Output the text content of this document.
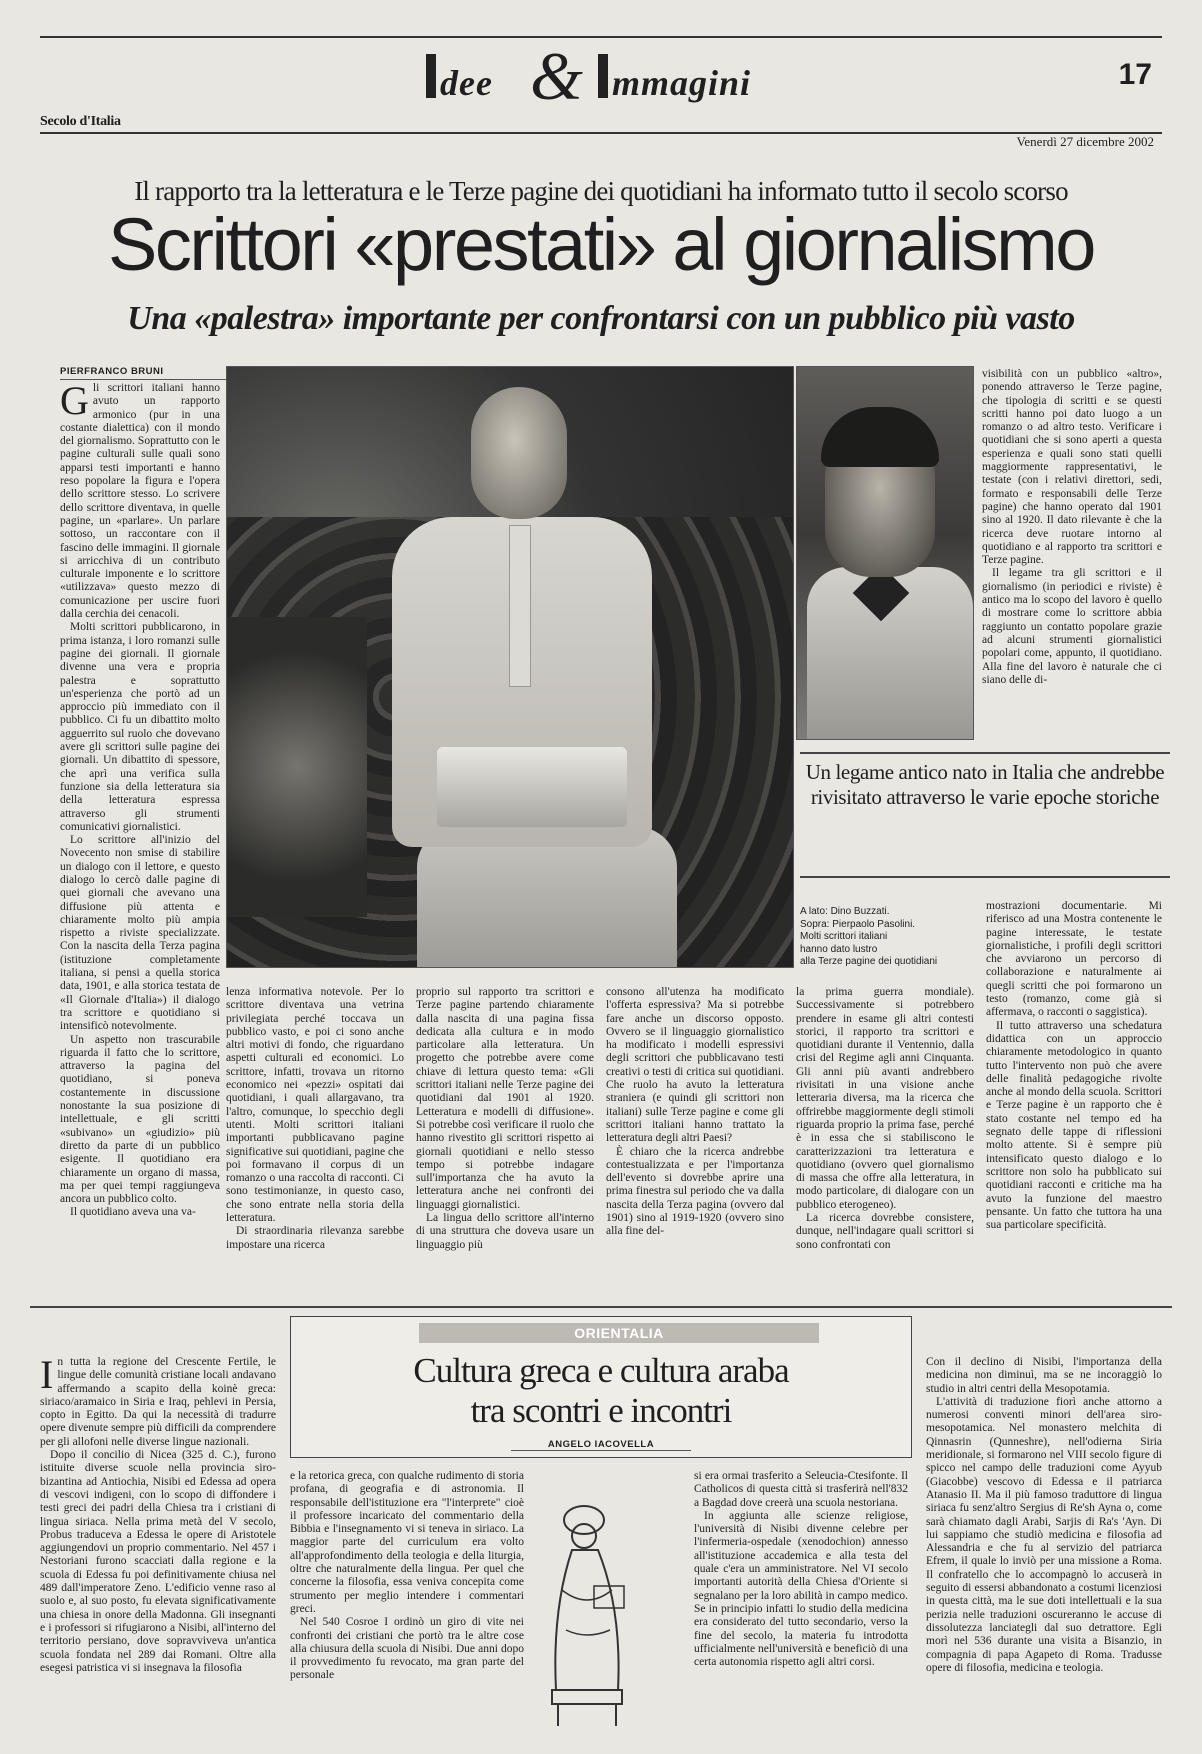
dee & mmagini	17
Secolo d'Italia
Venerdì 27 dicembre 2002
Il rapporto tra la letteratura e le Terze pagine dei quotidiani ha informato tutto il secolo scorso
Scrittori «prestati» al giornalismo
Una «palestra» importante per confrontarsi con un pubblico più vasto
PIERFRANCO BRUNI
G li scrittori italiani hanno avuto un rapporto armonico (pur in una costante dialettica) con il mondo del giornalismo. Soprattutto con le pagine culturali sulle quali sono apparsi testi importanti e hanno reso popolare la figura e l'opera dello scrittore stesso. Lo scrivere dello scrittore diventava, in quelle pagine, un «parlare». Un parlare sottoso, un raccontare con il fascino delle immagini. Il giornale si arricchiva di un contributo culturale imponente e lo scrittore «utilizzava» questo mezzo di comunicazione per uscire fuori dalla cerchia dei cenacoli.

Molti scrittori pubblicarono, in prima istanza, i loro romanzi sulle pagine dei giornali. Il giornale divenne una vera e propria palestra e soprattutto un'esperienza che portò ad un approccio più immediato con il pubblico. Ci fu un dibattito molto agguerrito sul ruolo che dovevano avere gli scrittori sulle pagine dei giornali. Un dibattito di spessore, che aprì una verifica sulla funzione sia della letteratura sia della letteratura espressa attraverso gli strumenti comunicativi giornalistici.

Lo scrittore all'inizio del Novecento non smise di stabilire un dialogo con il lettore, e questo dialogo lo cercò dalle pagine di quei giornali che avevano una diffusione più attenta e chiaramente molto più ampia rispetto a riviste specializzate. Con la nascita della Terza pagina (istituzione completamente italiana, si pensi a quella storica data, 1901, e alla storica testata de «Il Giornale d'Italia») il dialogo tra scrittore e quotidiano si intensificò notevolmente.

Un aspetto non trascurabile riguarda il fatto che lo scrittore, attraverso la pagina del quotidiano, si poneva costantemente in discussione nonostante la sua posizione di intellettuale, e gli scritti «subivano» un «giudizio» più diretto da parte di un pubblico esigente. Il quotidiano era chiaramente un organo di massa, ma per quei tempi raggiungeva ancora un pubblico colto.

Il quotidiano aveva una va-

visibilità con un pubblico «altro», ponendo attraverso le Terze pagine, che tipologia di scritti e se questi scritti hanno poi dato luogo a un romanzo o ad altro testo. Verificare i quotidiani che si sono aperti a questa esperienza e quali sono stati quelli maggiormente rappresentativi, le testate (con i relativi direttori, sedi, formato e responsabili delle Terze pagine) che hanno operato dal 1901 sino al 1920. Il dato rilevante è che la ricerca deve ruotare intorno al quotidiano e al rapporto tra scrittori e Terze pagine.

Il legame tra gli scrittori e il giornalismo (in periodici e riviste) è antico ma lo scopo del lavoro è quello di mostrare come lo scrittore abbia raggiunto un contatto popolare grazie ad alcuni strumenti giornalistici popolari come, appunto, il quotidiano. Alla fine del lavoro è naturale che ci siano delle di-

Un legame antico nato in Italia che andrebbe rivisitato attraverso le varie epoche storiche
A lato: Dino Buzzati.
Sopra: Pierpaolo Pasolini.
Molti scrittori italiani
hanno dato lustro
alla Terze pagine dei quotidiani

lenza informativa notevole. Per lo scrittore diventava una vetrina privilegiata perché toccava un pubblico vasto, e poi ci sono anche altri motivi di fondo, che riguardano aspetti culturali ed economici. Lo scrittore, infatti, trovava un ritorno economico nei «pezzi» ospitati dai quotidiani, i quali allargavano, tra l'altro, comunque, lo specchio degli utenti. Molti scrittori italiani importanti pubblicavano pagine significative sui quotidiani, pagine che poi formavano il corpus di un romanzo o una raccolta di racconti. Ci sono testimonianze, in questo caso, che sono entrate nella storia della letteratura.

Di straordinaria rilevanza sarebbe impostare una ricerca

proprio sul rapporto tra scrittori e Terze pagine partendo chiaramente dalla nascita di una pagina fissa dedicata alla cultura e in modo particolare alla letteratura. Un progetto che potrebbe avere come chiave di lettura questo tema: «Gli scrittori italiani nelle Terze pagine dei quotidiani dal 1901 al 1920. Letteratura e modelli di diffusione». Si potrebbe così verificare il ruolo che hanno rivestito gli scrittori rispetto ai giornali quotidiani e nello stesso tempo si potrebbe indagare sull'importanza che ha avuto la letteratura anche nei confronti dei linguaggi giornalistici.

La lingua dello scrittore all'interno di una struttura che doveva usare un linguaggio più

consono all'utenza ha modificato l'offerta espressiva? Ma si potrebbe fare anche un discorso opposto. Ovvero se il linguaggio giornalistico ha modificato i modelli espressivi degli scrittori che pubblicavano testi creativi o testi di critica sui quotidiani. Che ruolo ha avuto la letteratura straniera (e quindi gli scrittori non italiani) sulle Terze pagine e come gli scrittori italiani hanno trattato la letteratura degli altri Paesi?

È chiaro che la ricerca andrebbe contestualizzata e per l'importanza dell'evento si dovrebbe aprire una prima finestra sul periodo che va dalla nascita della Terza pagina (ovvero dal 1901) sino al 1919-1920 (ovvero sino alla fine del-

la prima guerra mondiale). Successivamente si potrebbero prendere in esame gli altri contesti storici, il rapporto tra scrittori e quotidiani durante il Ventennio, dalla crisi del Regime agli anni Cinquanta. Gli anni più avanti andrebbero rivisitati in una visione anche letteraria diversa, ma la ricerca che offrirebbe maggiormente degli stimoli riguarda proprio la prima fase, perché è in essa che si stabiliscono le caratterizzazioni tra letteratura e quotidiano (ovvero quel giornalismo di massa che offre alla letteratura, in modo particolare, di dialogare con un pubblico eterogeneo).

La ricerca dovrebbe consistere, dunque, nell'indagare quali scrittori si sono confrontati con

mostrazioni documentarie. Mi riferisco ad una Mostra contenente le pagine interessate, le testate giornalistiche, i profili degli scrittori che avviarono un percorso di collaborazione e naturalmente ai quegli scritti che poi formarono un testo (romanzo, come già si affermava, o racconti o saggistica).

Il tutto attraverso una schedatura didattica con un approccio chiaramente metodologico in quanto tutto l'intervento non può che avere delle finalità pedagogiche rivolte anche al mondo della scuola. Scrittori e Terze pagine è un rapporto che è stato costante nel tempo ed ha segnato delle tappe di riflessioni molto attente. Si è sempre più intensificato questo dialogo e lo scrittore non solo ha pubblicato sui quotidiani racconti e critiche ma ha avuto la funzione del maestro pensante. Un fatto che tuttora ha una sua particolare specificità.

I n tutta la regione del Crescente Fertile, le lingue delle comunità cristiane locali andavano affermando a scapito della koinè greca: siriaco/aramaico in Siria e Iraq, pehlevi in Persia, copto in Egitto. Da qui la necessità di tradurre opere divenute sempre più difficili da comprendere per gli allofoni nelle diverse lingue nazionali.

Dopo il concilio di Nicea (325 d. C.), furono istituite diverse scuole nella provincia siro-bizantina ad Antiochia, Nisibi ed Edessa ad opera di vescovi indigeni, con lo scopo di diffondere i testi greci dei padri della Chiesa tra i cristiani di lingua siriaca. Nella prima metà del V secolo, Probus traduceva a Edessa le opere di Aristotele aggiungendovi un proprio commentario. Nel 457 i Nestoriani furono scacciati dalla regione e la scuola di Edessa fu poi definitivamente chiusa nel 489 dall'imperatore Zeno. L'edificio venne raso al suolo e, al suo posto, fu elevata significativamente una chiesa in onore della Madonna. Gli insegnanti e i professori si rifugiarono a Nisibi, all'interno del territorio persiano, dove sopravviveva un'antica scuola fondata nel 289 dai Romani. Oltre alla esegesi patristica vi si insegnava la filosofia

ORIENTALIA
Cultura greca e cultura araba
tra scontri e incontri
ANGELO IACOVELLA

e la retorica greca, con qualche rudimento di storia profana, di geografia e di astronomia. Il responsabile dell'istituzione era "l'interprete" cioè il professore incaricato del commentario della Bibbia e l'insegnamento vi si teneva in siriaco. La maggior parte del curriculum era volto all'approfondimento della teologia e della liturgia, oltre che naturalmente della lingua. Per quel che concerne la filosofia, essa veniva concepita come strumento per meglio intendere i commentari greci.

Nel 540 Cosroe I ordinò un giro di vite nei confronti dei cristiani che portò tra le altre cose alla chiusura della scuola di Nisibi. Due anni dopo il provvedimento fu revocato, ma gran parte del personale

si era ormai trasferito a Seleucia-Ctesifonte. Il Catholicos di questa città si trasferirà nell'832 a Bagdad dove creerà una scuola nestoriana.

In aggiunta alle scienze religiose, l'università di Nisibi divenne celebre per l'infermeria-ospedale (xenodochion) annesso all'istituzione accademica e alla testa del quale c'era un amministratore. Nel VI secolo importanti autorità della Chiesa d'Oriente si segnalano per la loro abilità in campo medico. Se in principio infatti lo studio della medicina era considerato del tutto secondario, verso la fine del secolo, la materia fu introdotta ufficialmente nell'università e beneficiò di una certa autonomia rispetto agli altri corsi.

Con il declino di Nisibi, l'importanza della medicina non diminuì, ma se ne incoraggiò lo studio in altri centri della Mesopotamia.

L'attività di traduzione fiorì anche attorno a numerosi conventi minori dell'area siro-mesopotamica. Nel monastero melchita di Qinnasrin (Qunneshre), nell'odierna Siria meridionale, si formarono nel VIII secolo figure di spicco nel campo delle traduzioni come Ayyub (Giacobbe) vescovo di Edessa e il patriarca Atanasio II. Ma il più famoso traduttore di lingua siriaca fu senz'altro Sergius di Re'sh Ayna o, come sarà chiamato dagli Arabi, Sarjis di Ra's 'Ayn. Di lui sappiamo che studiò medicina e filosofia ad Alessandria e che fu al servizio del patriarca Efrem, il quale lo inviò per una missione a Roma. Il confratello che lo accompagnò lo accuserà in seguito di essersi abbandonato a costumi licenziosi in questa città, ma le sue doti intellettuali e la sua perizia nelle traduzioni oscureranno le accuse di dissolutezza lanciategli dal suo detrattore. Egli morì nel 536 durante una visita a Bisanzio, in compagnia di papa Agapeto di Roma. Tradusse opere di filosofia, medicina e teologia.
